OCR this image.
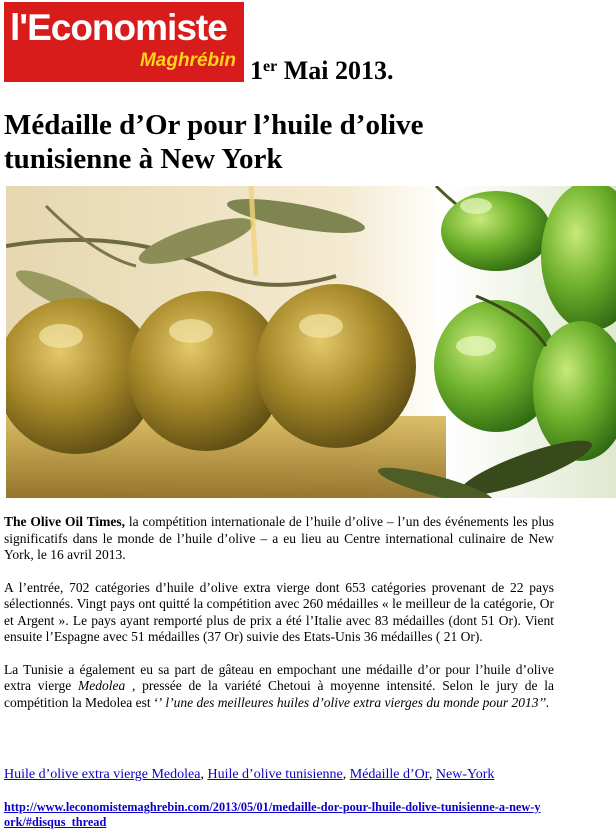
l'Economiste
Maghrébin 1er Mai 2013.
Médaille d’Or pour l’huile d’olive
tunisienne à New York

The Olive Oil Times, la compétition internationale de l’huile d’olive – l’un des événements les plus significatifs dans le monde de l’huile d’olive – a eu lieu au Centre international culinaire de New York, le 16 avril 2013.

A l’entrée, 702 catégories d’huile d’olive extra vierge dont 653 catégories provenant de 22 pays sélectionnés. Vingt pays ont quitté la compétition avec 260 médailles « le meilleur de la catégorie, Or et Argent ». Le pays ayant remporté plus de prix a été l’Italie avec 83 médailles (dont 51 Or). Vient ensuite l’Espagne avec 51 médailles (37 Or) suivie des Etats-Unis 36 médailles ( 21 Or).

La Tunisie a également eu sa part de gâteau en empochant une médaille d’or pour l’huile d’olive extra vierge Medolea , pressée de la variété Chetoui à moyenne intensité. Selon le jury de la compétition la Medolea est ‘’ l’une des meilleures huiles d’olive extra vierges du monde pour 2013’’.

Huile d’olive extra vierge Medolea, Huile d’olive tunisienne, Médaille d’Or, New-York
http://www.leconomistemaghrebin.com/2013/05/01/medaille-dor-pour-lhuile-dolive-tunisienne-a-new-york/#disqus_thread
